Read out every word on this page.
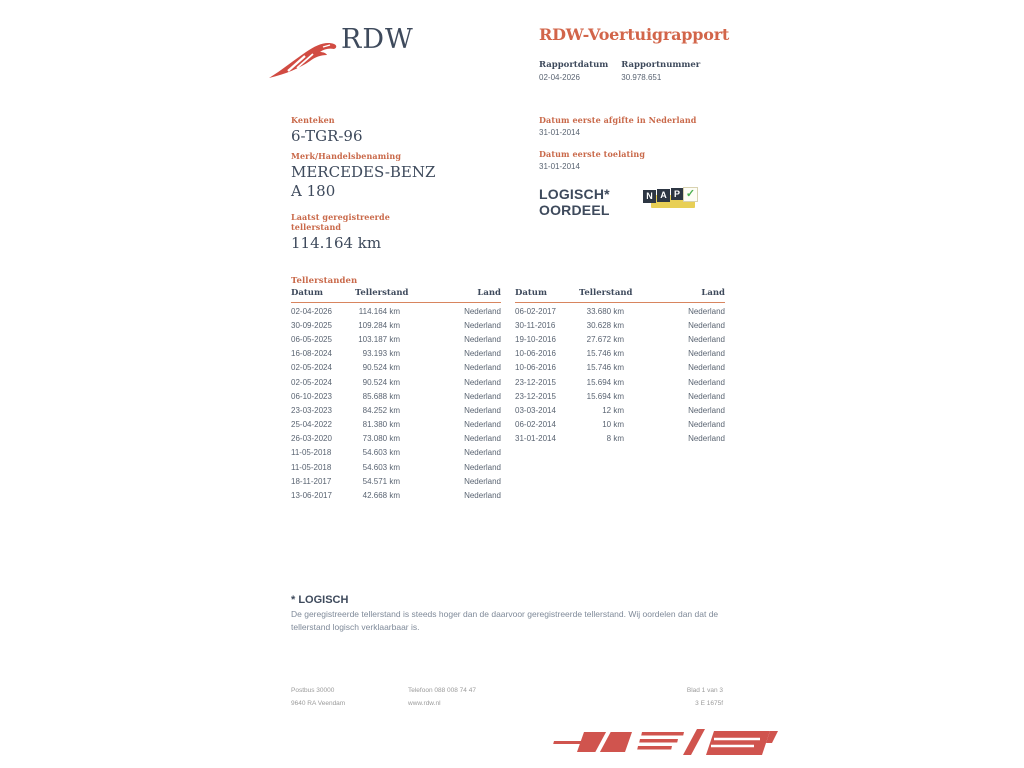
RDW	RDW-Voertuigrapport
Rapportdatum
02-04-2026
Rapportnummer
30.978.651
Kenteken
6-TGR-96
Merk/Handelsbenaming
MERCEDES-BENZ A 180
Laatst geregistreerde tellerstand
114.164 km
Datum eerste afgifte in Nederland
31-01-2014
Datum eerste toelating
31-01-2014
LOGISCH*
OORDEEL
N A P ✓
Tellerstanden
Datum	Tellerstand	Land
02-04-2026	114.164 km	Nederland
30-09-2025	109.284 km	Nederland
06-05-2025	103.187 km	Nederland
16-08-2024	93.193 km	Nederland
02-05-2024	90.524 km	Nederland
02-05-2024	90.524 km	Nederland
06-10-2023	85.688 km	Nederland
23-03-2023	84.252 km	Nederland
25-04-2022	81.380 km	Nederland
26-03-2020	73.080 km	Nederland
11-05-2018	54.603 km	Nederland
11-05-2018	54.603 km	Nederland
18-11-2017	54.571 km	Nederland
13-06-2017	42.668 km	Nederland
Datum	Tellerstand	Land
06-02-2017	33.680 km	Nederland
30-11-2016	30.628 km	Nederland
19-10-2016	27.672 km	Nederland
10-06-2016	15.746 km	Nederland
10-06-2016	15.746 km	Nederland
23-12-2015	15.694 km	Nederland
23-12-2015	15.694 km	Nederland
03-03-2014	12 km	Nederland
06-02-2014	10 km	Nederland
31-01-2014	8 km	Nederland
* LOGISCH
De geregistreerde tellerstand is steeds hoger dan de daarvoor geregistreerde tellerstand. Wij oordelen dan dat de tellerstand logisch verklaarbaar is.
Postbus 30000
9640 RA Veendam
Telefoon 088 008 74 47
www.rdw.nl
Blad 1 van 3
3 E 1675f
